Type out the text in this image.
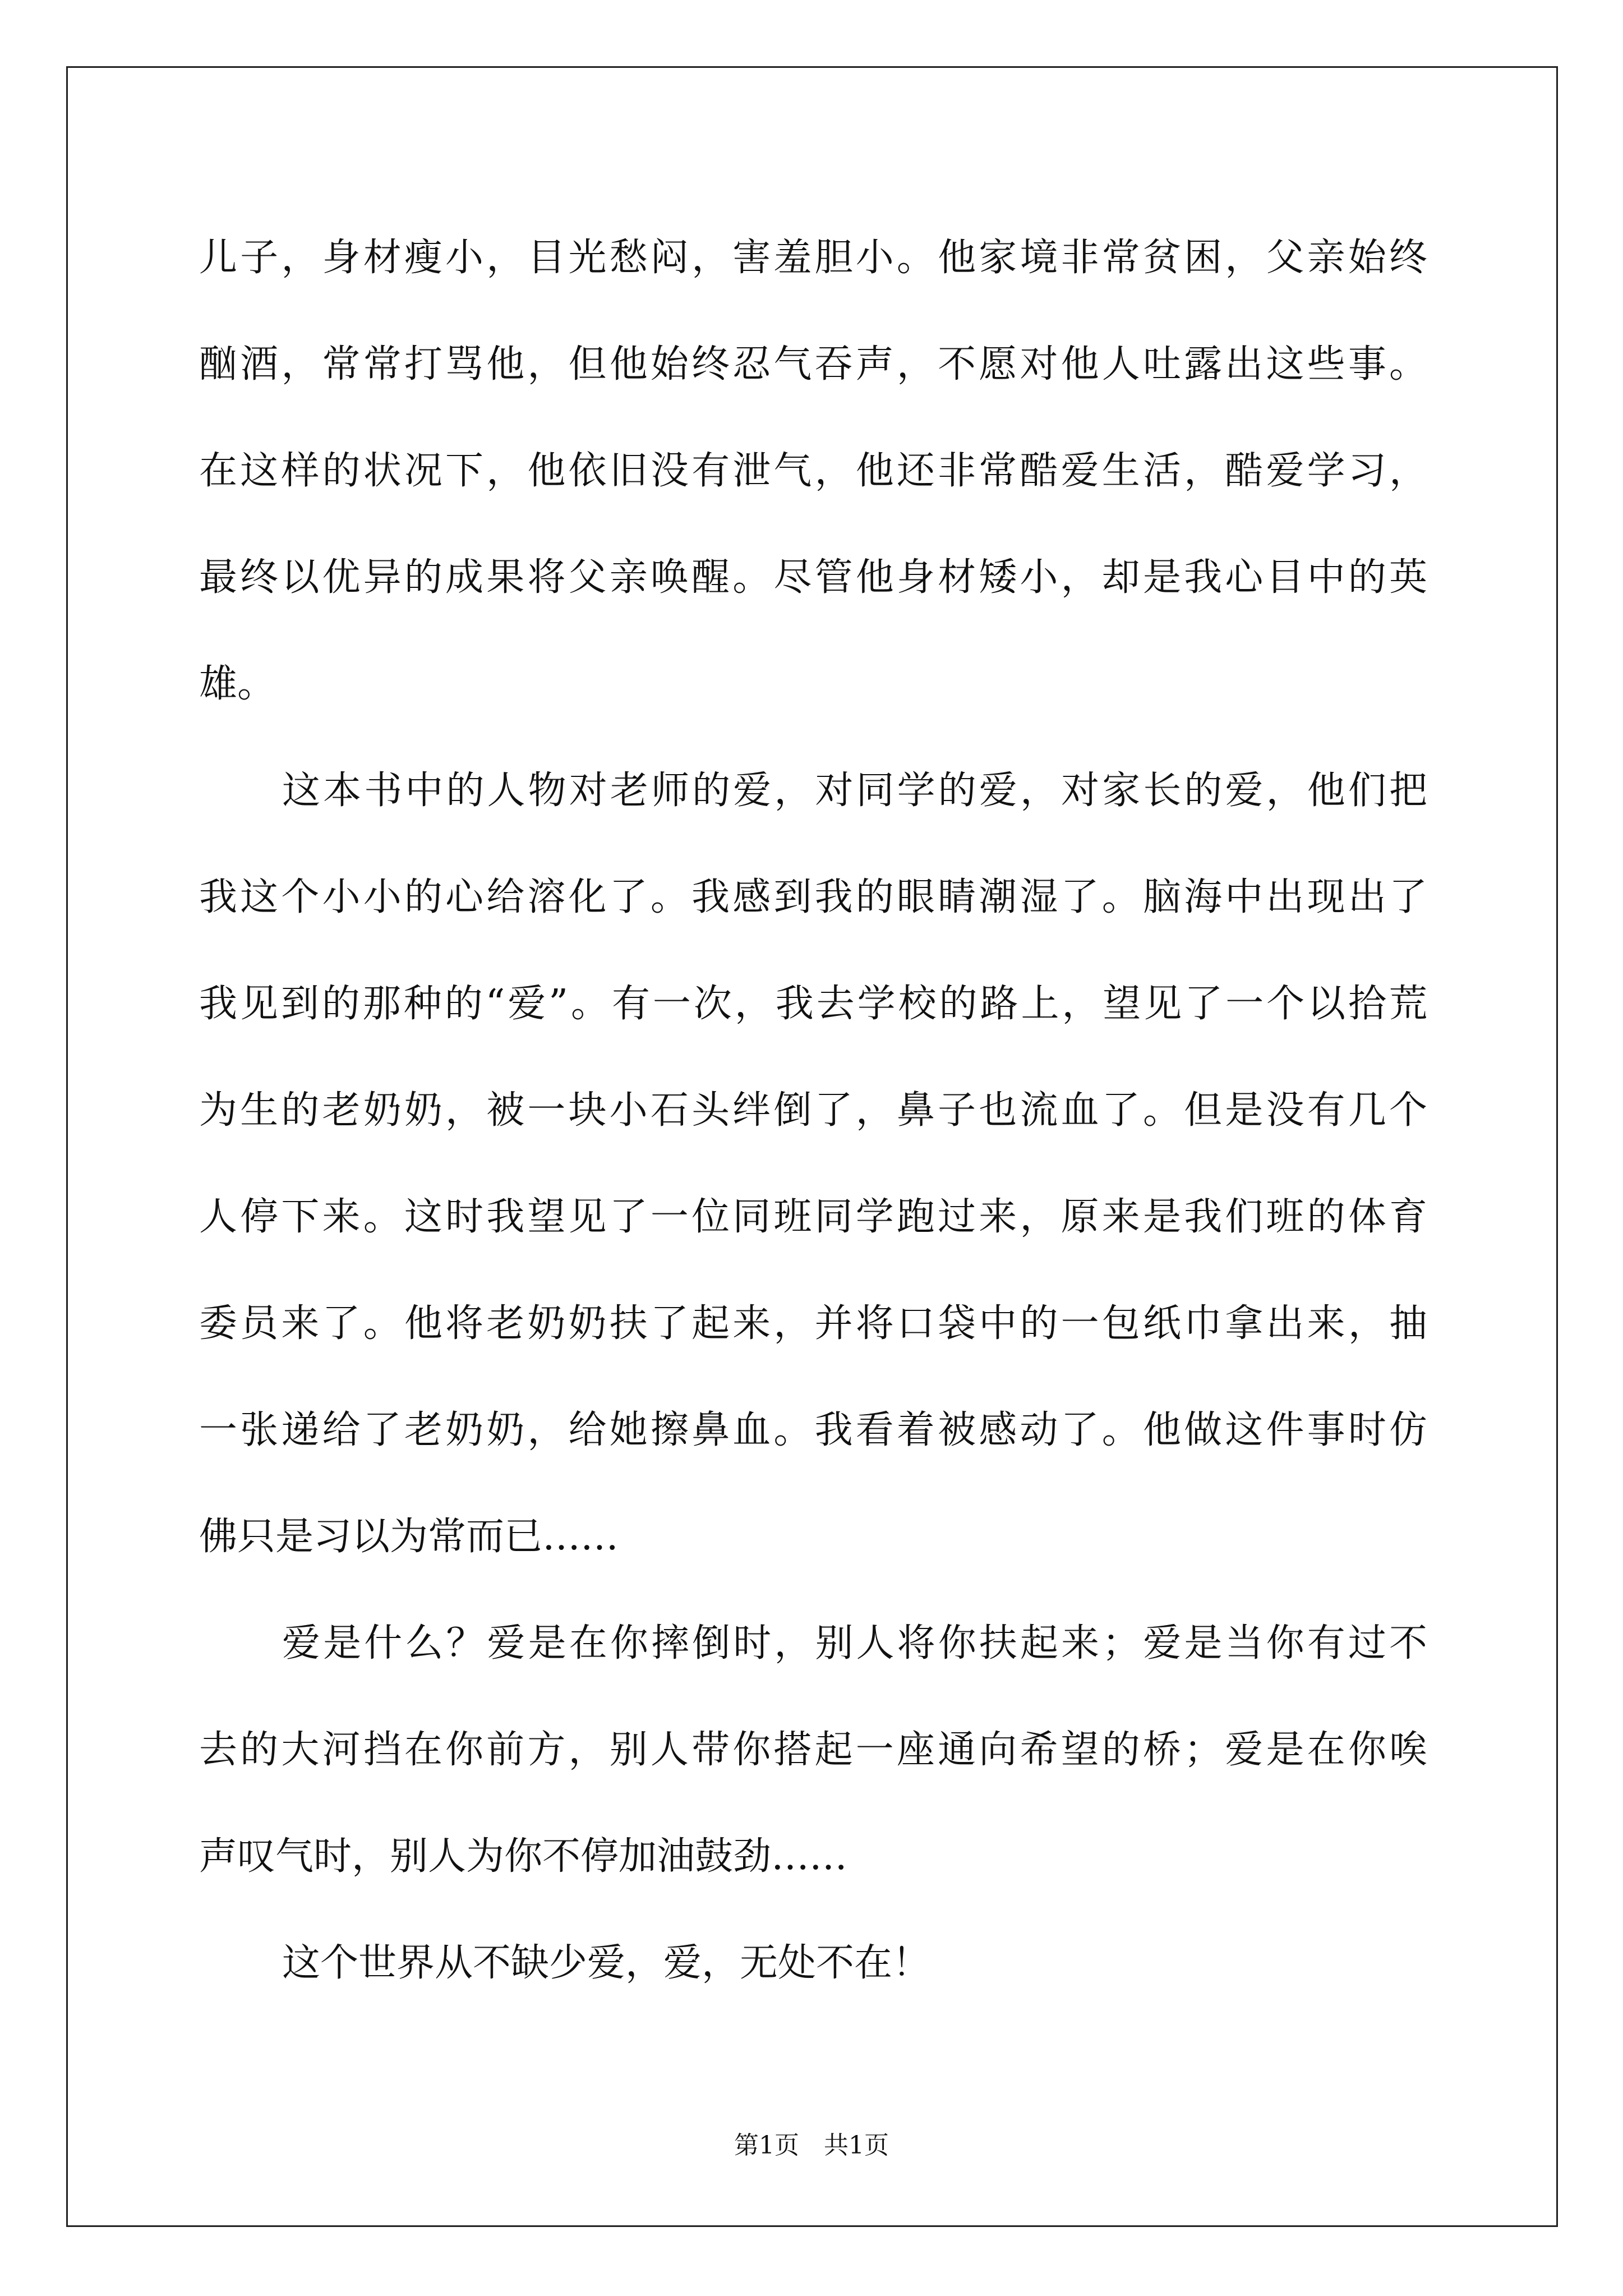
儿子，身材瘦小，目光愁闷，害羞胆小。他家境非常贫困，父亲始终
酗酒，常常打骂他，但他始终忍气吞声，不愿对他人吐露出这些事。
在这样的状况下，他依旧没有泄气，他还非常酷爱生活，酷爱学习，
最终以优异的成果将父亲唤醒。尽管他身材矮小，却是我心目中的英
雄。
这本书中的人物对老师的爱，对同学的爱，对家长的爱，他们把
我这个小小的心给溶化了。我感到我的眼睛潮湿了。脑海中出现出了
我见到的那种的“爱”。有一次，我去学校的路上，望见了一个以拾荒
为生的老奶奶，被一块小石头绊倒了，鼻子也流血了。但是没有几个
人停下来。这时我望见了一位同班同学跑过来，原来是我们班的体育
委员来了。他将老奶奶扶了起来，并将口袋中的一包纸巾拿出来，抽
一张递给了老奶奶，给她擦鼻血。我看着被感动了。他做这件事时仿
佛只是习以为常而已……
爱是什么？爱是在你摔倒时，别人将你扶起来；爱是当你有过不
去的大河挡在你前方，别人带你搭起一座通向希望的桥；爱是在你唉
声叹气时，别人为你不停加油鼓劲……
这个世界从不缺少爱，爱，无处不在！
第1页　共1页
